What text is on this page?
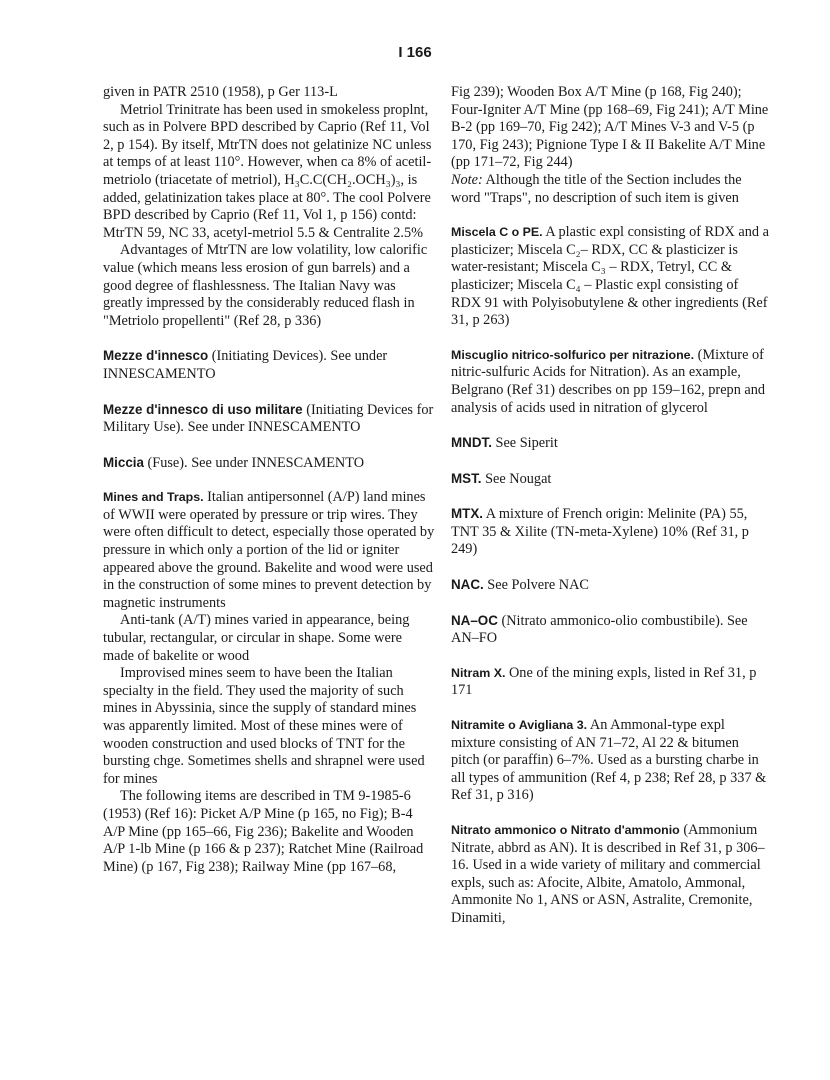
I 166

given in PATR 2510 (1958), p Ger 113-L

Metriol Trinitrate has been used in smokeless proplnt, such as in Polvere BPD described by Caprio (Ref 11, Vol 2, p 154). By itself, MtrTN does not gelatinize NC unless at temps of at least 110°. However, when ca 8% of acetil-metriolo (triacetate of metriol), H₃C.C(CH₂.OCH₃)₃, is added, gelatinization takes place at 80°. The cool Polvere BPD described by Caprio (Ref 11, Vol 1, p 156) contd: MtrTN 59, NC 33, acetyl-metriol 5.5 & Centralite 2.5%

Advantages of MtrTN are low volatility, low calorific value (which means less erosion of gun barrels) and a good degree of flashlessness. The Italian Navy was greatly impressed by the considerably reduced flash in "Metriolo propellenti" (Ref 28, p 336)

Mezze d'innesco (Initiating Devices). See under INNESCAMENTO

Mezze d'innesco di uso militare (Initiating Devices for Military Use). See under INNESCAMENTO

Miccia (Fuse). See under INNESCAMENTO

Mines and Traps. Italian antipersonnel (A/P) land mines of WWII were operated by pressure or trip wires. They were often difficult to detect, especially those operated by pressure in which only a portion of the lid or igniter appeared above the ground. Bakelite and wood were used in the construction of some mines to prevent detection by magnetic instruments

Anti-tank (A/T) mines varied in appearance, being tubular, rectangular, or circular in shape. Some were made of bakelite or wood

Improvised mines seem to have been the Italian specialty in the field. They used the majority of such mines in Abyssinia, since the supply of standard mines was apparently limited. Most of these mines were of wooden construction and used blocks of TNT for the bursting chge. Sometimes shells and shrapnel were used for mines

The following items are described in TM 9-1985-6 (1953) (Ref 16): Picket A/P Mine (p 165, no Fig); B-4 A/P Mine (pp 165–66, Fig 236); Bakelite and Wooden A/P 1-lb Mine (p 166 & p 237); Ratchet Mine (Railroad Mine) (p 167, Fig 238); Railway Mine (pp 167–68,

Fig 239); Wooden Box A/T Mine (p 168, Fig 240); Four-Igniter A/T Mine (pp 168–69, Fig 241); A/T Mine B-2 (pp 169–70, Fig 242); A/T Mines V-3 and V-5 (p 170, Fig 243); Pignione Type I & II Bakelite A/T Mine (pp 171–72, Fig 244)

Note: Although the title of the Section includes the word "Traps", no description of such item is given

Miscela C o PE. A plastic expl consisting of RDX and a plasticizer; Miscela C₂– RDX, CC & plasticizer is water-resistant; Miscela C₃ – RDX, Tetryl, CC & plasticizer; Miscela C₄ – Plastic expl consisting of RDX 91 with Polyisobutylene & other ingredients (Ref 31, p 263)

Miscuglio nitrico-solfurico per nitrazione. (Mixture of nitric-sulfuric Acids for Nitration). As an example, Belgrano (Ref 31) describes on pp 159–162, prepn and analysis of acids used in nitration of glycerol

MNDT. See Siperit

MST. See Nougat

MTX. A mixture of French origin: Melinite (PA) 55, TNT 35 & Xilite (TN-meta-Xylene) 10% (Ref 31, p 249)

NAC. See Polvere NAC

NA–OC (Nitrato ammonico-olio combustibile). See AN–FO

Nitram X. One of the mining expls, listed in Ref 31, p 171

Nitramite o Avigliana 3. An Ammonal-type expl mixture consisting of AN 71–72, Al 22 & bitumen pitch (or paraffin) 6–7%. Used as a bursting charbe in all types of ammunition (Ref 4, p 238; Ref 28, p 337 & Ref 31, p 316)

Nitrato ammonico o Nitrato d'ammonio (Ammonium Nitrate, abbrd as AN). It is described in Ref 31, p 306–16. Used in a wide variety of military and commercial expls, such as: Afocite, Albite, Amatolo, Ammonal, Ammonite No 1, ANS or ASN, Astralite, Cremonite, Dinamiti,
